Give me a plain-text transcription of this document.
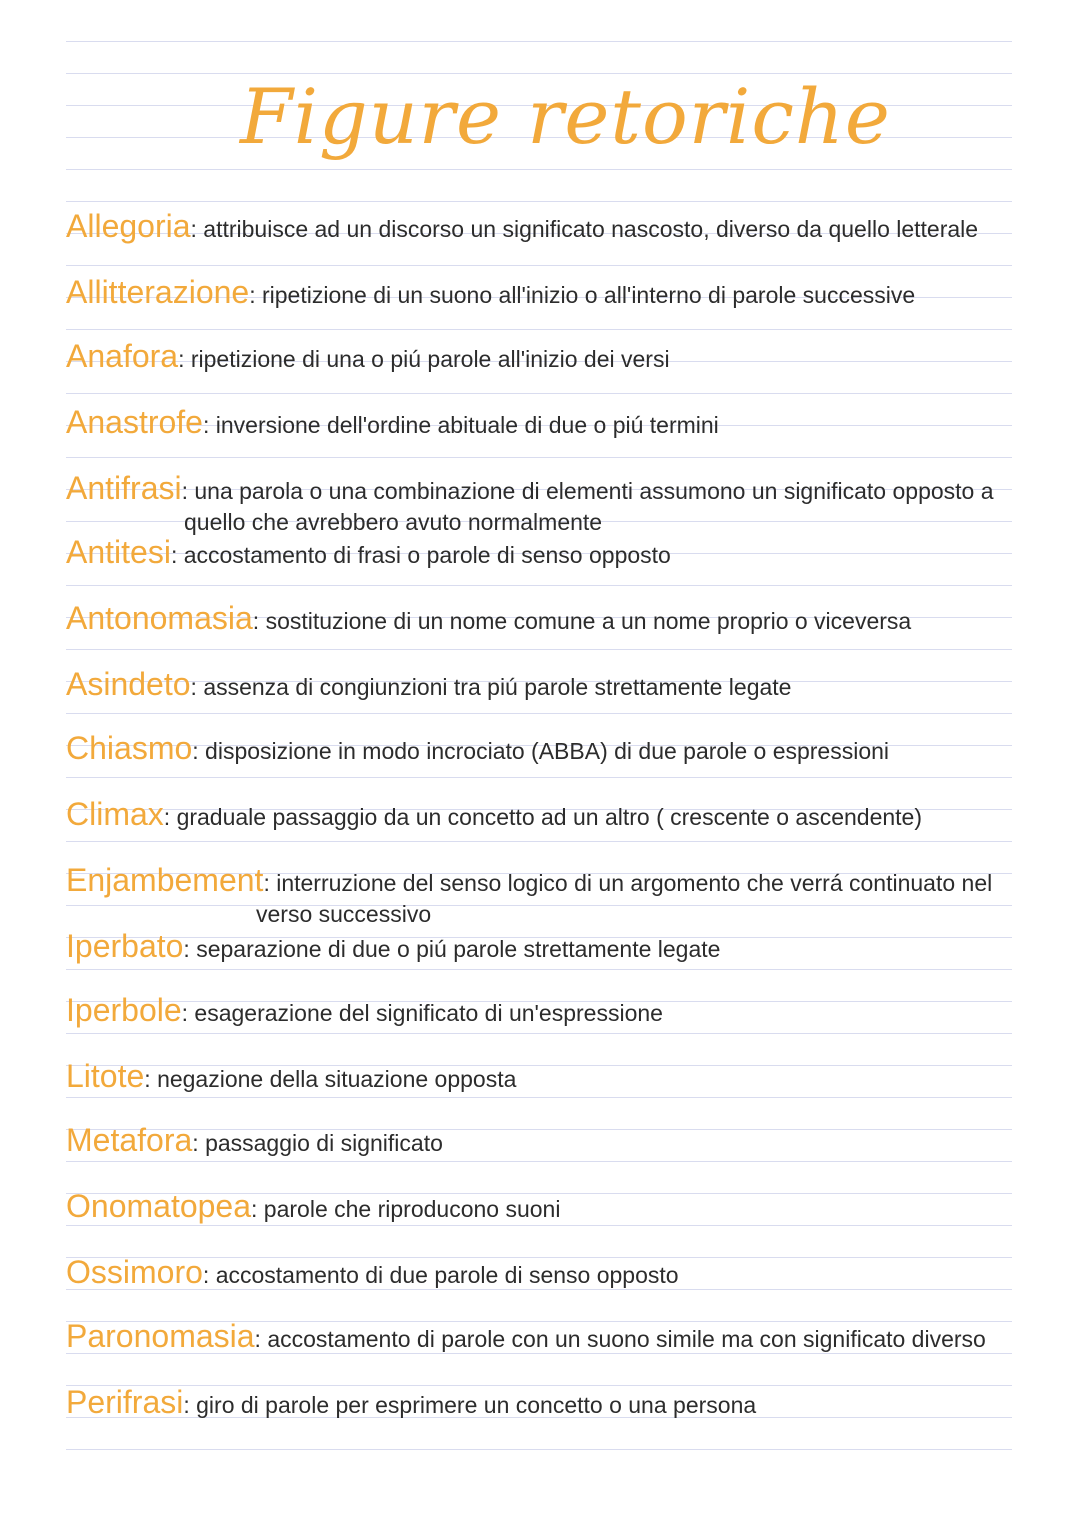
Figure retoriche
Allegoria: attribuisce ad un discorso un significato nascosto, diverso da quello letterale
Allitterazione: ripetizione di un suono all'inizio o all'interno di parole successive
Anafora: ripetizione di una o piú parole all'inizio dei versi
Anastrofe: inversione dell'ordine abituale di due o piú termini
Antifrasi: una parola o una combinazione di elementi assumono un significato opposto a
quello che avrebbero avuto normalmente
Antitesi: accostamento di frasi o parole di senso opposto
Antonomasia: sostituzione di un nome comune a un nome proprio o viceversa
Asindeto: assenza di congiunzioni tra piú parole strettamente legate
Chiasmo: disposizione in modo incrociato (ABBA) di due parole o espressioni
Climax: graduale passaggio da un concetto ad un altro ( crescente o ascendente)
Enjambement: interruzione del senso logico di un argomento che verrá continuato nel
verso successivo
Iperbato: separazione di due o piú parole strettamente legate
Iperbole: esagerazione del significato di un'espressione
Litote: negazione della situazione opposta
Metafora: passaggio di significato
Onomatopea: parole che riproducono suoni
Ossimoro: accostamento di due parole di senso opposto
Paronomasia: accostamento di parole con un suono simile ma con significato diverso
Perifrasi: giro di parole per esprimere un concetto o una persona
